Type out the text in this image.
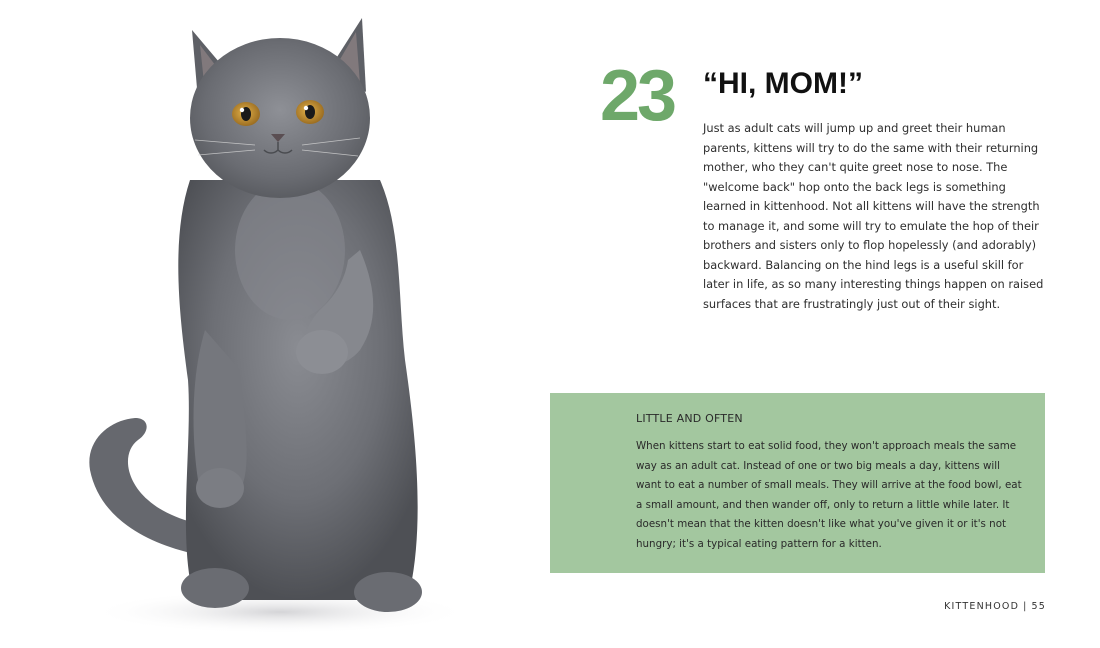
23 “HI, MOM!”

Just as adult cats will jump up and greet their human parents, kittens will try to do the same with their returning mother, who they can't quite greet nose to nose. The "welcome back" hop onto the back legs is something learned in kittenhood. Not all kittens will have the strength to manage it, and some will try to emulate the hop of their brothers and sisters only to flop hopelessly (and adorably) backward. Balancing on the hind legs is a useful skill for later in life, as so many interesting things happen on raised surfaces that are frustratingly just out of their sight.

LITTLE AND OFTEN

When kittens start to eat solid food, they won't approach meals the same way as an adult cat. Instead of one or two big meals a day, kittens will want to eat a number of small meals. They will arrive at the food bowl, eat a small amount, and then wander off, only to return a little while later. It doesn't mean that the kitten doesn't like what you've given it or it's not hungry; it's a typical eating pattern for a kitten.

KITTENHOOD | 55
